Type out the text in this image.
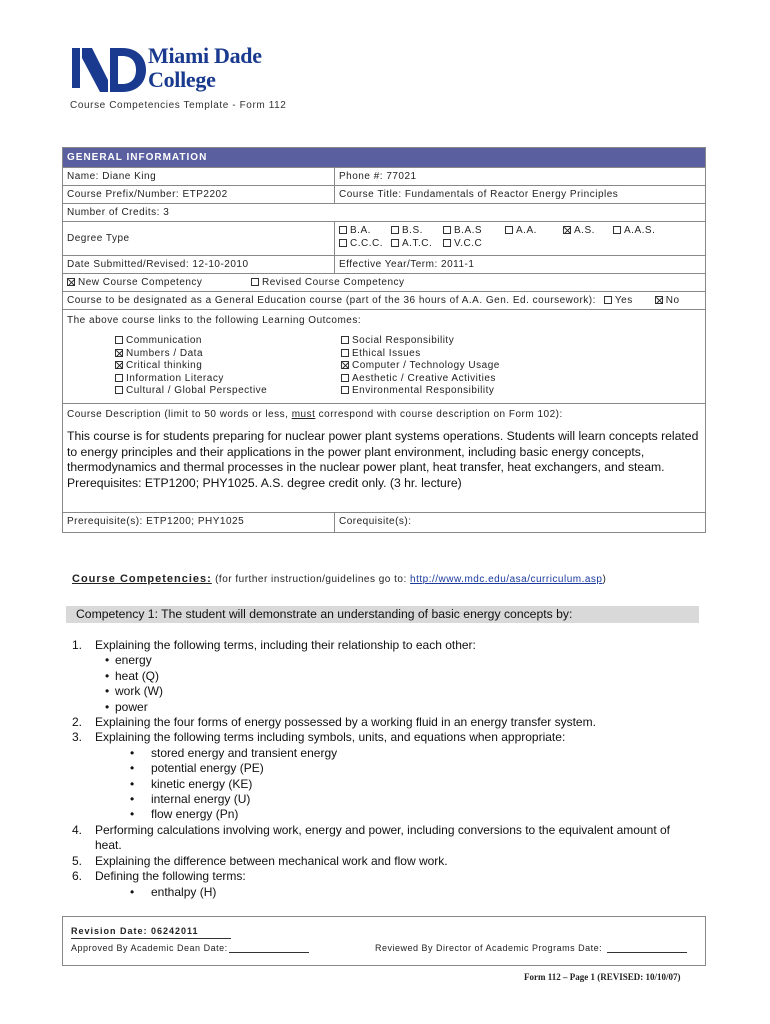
Miami Dade
College
Course Competencies Template - Form 112
GENERAL INFORMATION
Name: Diane King	Phone #: 77021
Course Prefix/Number: ETP2202	Course Title: Fundamentals of Reactor Energy Principles
Number of Credits: 3
Degree Type
B.A.	B.S.	B.A.S	A.A.	A.S.	A.A.S.
C.C.C.	A.T.C.	V.C.C
Date Submitted/Revised: 12-10-2010	Effective Year/Term: 2011-1
New Course Competency	Revised Course Competency
Course to be designated as a General Education course (part of the 36 hours of A.A. Gen. Ed. coursework):	Yes	No
The above course links to the following Learning Outcomes:
Communication
Numbers / Data
Critical thinking
Information Literacy
Cultural / Global Perspective
Social Responsibility
Ethical Issues
Computer / Technology Usage
Aesthetic / Creative Activities
Environmental Responsibility
Course Description (limit to 50 words or less, must correspond with course description on Form 102):
This course is for students preparing for nuclear power plant systems operations. Students will learn concepts related to energy principles and their applications in the power plant environment, including basic energy concepts, thermodynamics and thermal processes in the nuclear power plant, heat transfer, heat exchangers, and steam. Prerequisites: ETP1200; PHY1025. A.S. degree credit only. (3 hr. lecture)
Prerequisite(s): ETP1200; PHY1025	Corequisite(s):
Course Competencies: (for further instruction/guidelines go to: http://www.mdc.edu/asa/curriculum.asp)
Competency 1: The student will demonstrate an understanding of basic energy concepts by:
1. Explaining the following terms, including their relationship to each other:
• energy
• heat (Q)
• work (W)
• power
2. Explaining the four forms of energy possessed by a working fluid in an energy transfer system.
3. Explaining the following terms including symbols, units, and equations when appropriate:
• stored energy and transient energy
• potential energy (PE)
• kinetic energy (KE)
• internal energy (U)
• flow energy (Pn)
4. Performing calculations involving work, energy and power, including conversions to the equivalent amount of heat.
5. Explaining the difference between mechanical work and flow work.
6. Defining the following terms:
• enthalpy (H)
Revision Date: 06242011
Approved By Academic Dean Date:	Reviewed By Director of Academic Programs Date:
Form 112 – Page 1 (REVISED: 10/10/07)
